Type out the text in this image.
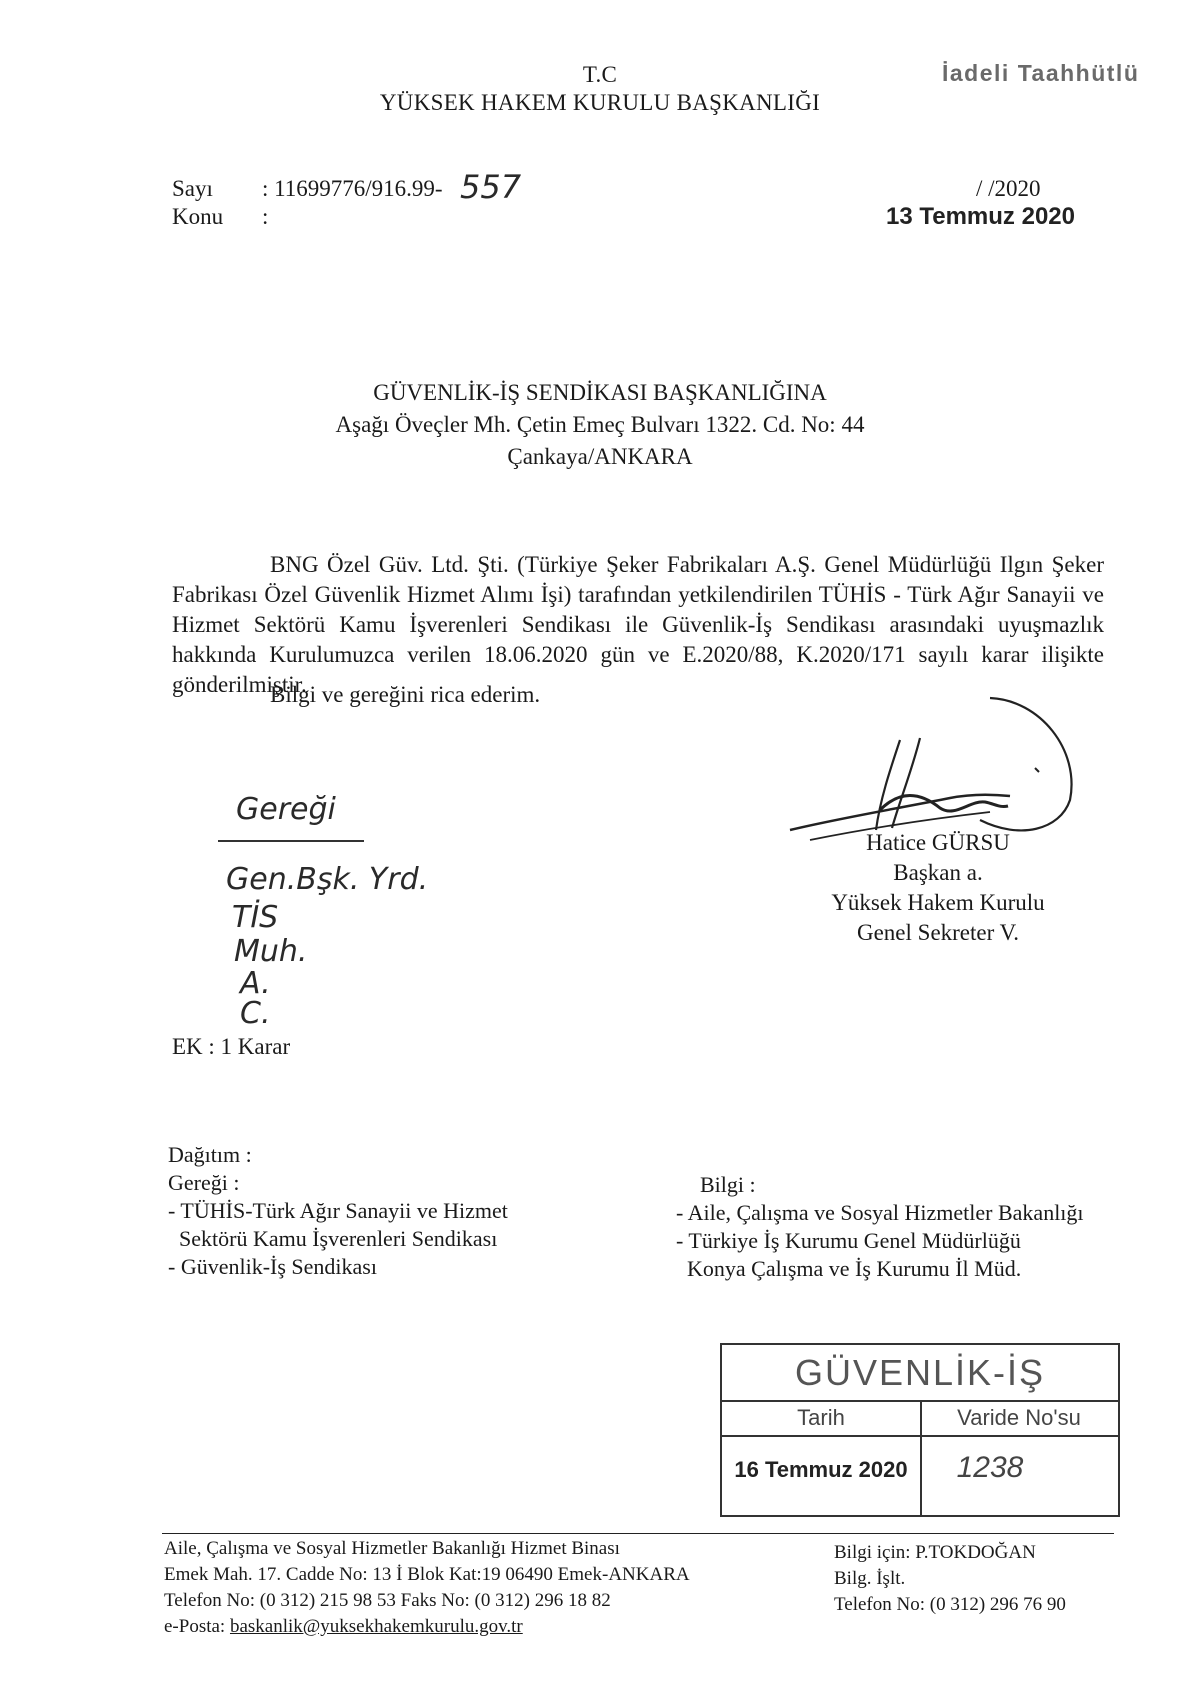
T.C
YÜKSEK HAKEM KURULU BAŞKANLIĞI
İadeli Taahhütlü
Sayı : 11699776/916.99- 557
Konu :
/ /2020
13 Temmuz 2020
GÜVENLİK-İŞ SENDİKASI BAŞKANLIĞINA
Aşağı Öveçler Mh. Çetin Emeç Bulvarı 1322. Cd. No: 44
Çankaya/ANKARA
BNG Özel Güv. Ltd. Şti. (Türkiye Şeker Fabrikaları A.Ş. Genel Müdürlüğü Ilgın Şeker Fabrikası Özel Güvenlik Hizmet Alımı İşi) tarafından yetkilendirilen TÜHİS - Türk Ağır Sanayii ve Hizmet Sektörü Kamu İşverenleri Sendikası ile Güvenlik-İş Sendikası arasındaki uyuşmazlık hakkında Kurulumuzca verilen 18.06.2020 gün ve E.2020/88, K.2020/171 sayılı karar ilişikte gönderilmiştir.
Bilgi ve gereğini rica ederim.
Gereği
Gen.Bşk. Yrd.
TİS
Muh.
A.
C.
Hatice GÜRSU
Başkan a.
Yüksek Hakem Kurulu
Genel Sekreter V.
EK : 1 Karar
Dağıtım :
Gereği :
- TÜHİS-Türk Ağır Sanayii ve Hizmet
Sektörü Kamu İşverenleri Sendikası
- Güvenlik-İş Sendikası
Bilgi :
- Aile, Çalışma ve Sosyal Hizmetler Bakanlığı
- Türkiye İş Kurumu Genel Müdürlüğü
Konya Çalışma ve İş Kurumu İl Müd.
GÜVENLİK-İŞ
Tarih	Varide No'su
16 Temmuz 2020	1238
Aile, Çalışma ve Sosyal Hizmetler Bakanlığı Hizmet Binası
Emek Mah. 17. Cadde No: 13 İ Blok Kat:19 06490 Emek-ANKARA
Telefon No: (0 312) 215 98 53 Faks No: (0 312) 296 18 82
e-Posta: baskanlik@yuksekhakemkurulu.gov.tr
Bilgi için: P.TOKDOĞAN
Bilg. İşlt.
Telefon No: (0 312) 296 76 90
